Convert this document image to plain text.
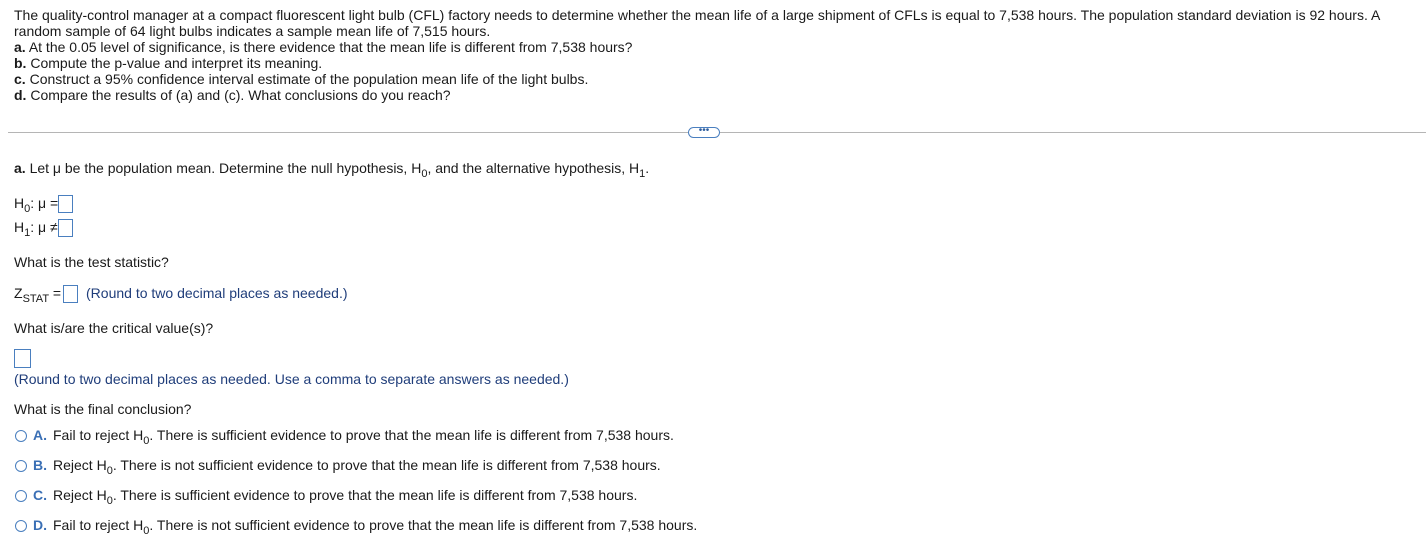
The quality-control manager at a compact fluorescent light bulb (CFL) factory needs to determine whether the mean life of a large shipment of CFLs is equal to 7,538 hours. The population standard deviation is 92 hours. A random sample of 64 light bulbs indicates a sample mean life of 7,515 hours.

a. At the 0.05 level of significance, is there evidence that the mean life is different from 7,538 hours?

b. Compute the p-value and interpret its meaning.

c. Construct a 95% confidence interval estimate of the population mean life of the light bulbs.

d. Compare the results of (a) and (c). What conclusions do you reach?

•••
a. Let μ be the population mean. Determine the null hypothesis, $H_0$, and the alternative hypothesis, $H_1$.
$H_0$: μ =
$H_1$: μ ≠
What is the test statistic?
$Z_{STAT}$ = (Round to two decimal places as needed.)
What is/are the critical value(s)?
(Round to two decimal places as needed. Use a comma to separate answers as needed.)
What is the final conclusion?
A. Fail to reject $H_0$. There is sufficient evidence to prove that the mean life is different from 7,538 hours.
B. Reject $H_0$. There is not sufficient evidence to prove that the mean life is different from 7,538 hours.
C. Reject $H_0$. There is sufficient evidence to prove that the mean life is different from 7,538 hours.
D. Fail to reject $H_0$. There is not sufficient evidence to prove that the mean life is different from 7,538 hours.
